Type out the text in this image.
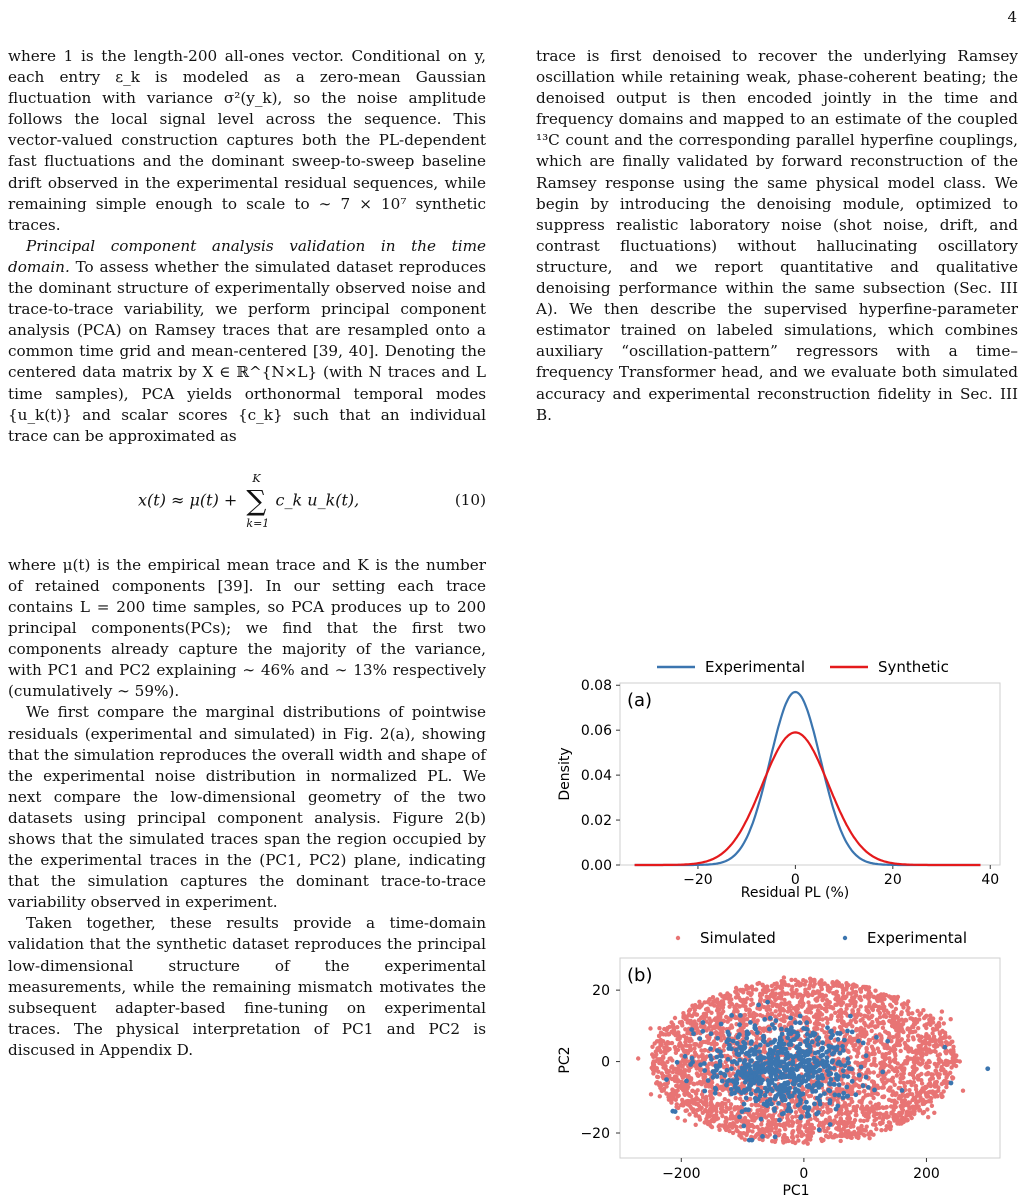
4

where 1 is the length-200 all-ones vector. Conditional on y, each entry ε_k is modeled as a zero-mean Gaussian fluctuation with variance σ²(y_k), so the noise amplitude follows the local signal level across the sequence. This vector-valued construction captures both the PL-dependent fast fluctuations and the dominant sweep-to-sweep baseline drift observed in the experimental residual sequences, while remaining simple enough to scale to ∼ 7 × 10⁷ synthetic traces.

Principal component analysis validation in the time domain. To assess whether the simulated dataset reproduces the dominant structure of experimentally observed noise and trace-to-trace variability, we perform principal component analysis (PCA) on Ramsey traces that are resampled onto a common time grid and mean-centered [39, 40]. Denoting the centered data matrix by X ∈ ℝ^{N×L} (with N traces and L time samples), PCA yields orthonormal temporal modes {u_k(t)} and scalar scores {c_k} such that an individual trace can be approximated as

x(t) ≈ μ(t) + ∑
K
k=1
c_k u_k(t),	(10)

where μ(t) is the empirical mean trace and K is the number of retained components [39]. In our setting each trace contains L = 200 time samples, so PCA produces up to 200 principal components(PCs); we find that the first two components already capture the majority of the variance, with PC1 and PC2 explaining ∼ 46% and ∼ 13% respectively (cumulatively ∼ 59%).

We first compare the marginal distributions of pointwise residuals (experimental and simulated) in Fig. 2(a), showing that the simulation reproduces the overall width and shape of the experimental noise distribution in normalized PL. We next compare the low-dimensional geometry of the two datasets using principal component analysis. Figure 2(b) shows that the simulated traces span the region occupied by the experimental traces in the (PC1, PC2) plane, indicating that the simulation captures the dominant trace-to-trace variability observed in experiment.

Taken together, these results provide a time-domain validation that the synthetic dataset reproduces the principal low-dimensional structure of the experimental measurements, while the remaining mismatch motivates the subsequent adapter-based fine-tuning on experimental traces. The physical interpretation of PC1 and PC2 is discused in Appendix D.

trace is first denoised to recover the underlying Ramsey oscillation while retaining weak, phase-coherent beating; the denoised output is then encoded jointly in the time and frequency domains and mapped to an estimate of the coupled ¹³C count and the corresponding parallel hyperfine couplings, which are finally validated by forward reconstruction of the Ramsey response using the same physical model class. We begin by introducing the denoising module, optimized to suppress realistic laboratory noise (shot noise, drift, and contrast fluctuations) without hallucinating oscillatory structure, and we report quantitative and qualitative denoising performance within the same subsection (Sec. III A). We then describe the supervised hyperfine-parameter estimator trained on labeled simulations, which combines auxiliary “oscillation-pattern” regressors with a time–frequency Transformer head, and we evaluate both simulated accuracy and experimental reconstruction fidelity in Sec. III B.

Experimental	Synthetic
(a)
−20	0	20	40
0.00
0.02
0.04
0.06
0.08
Residual PL (%)
Density
Simulated	Experimental
−200	0	200
−20
0
20
(b)
PC1
PC2
